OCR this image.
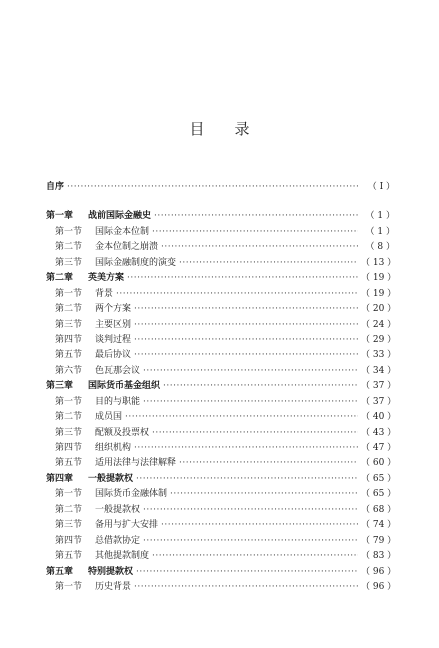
目 录
自序 ·····	（ Ⅰ ）
第一章	战前国际金融史 ·····	（ 1 ）
第一节	国际金本位制 ·····	（ 1 ）
第二节	金本位制之崩溃 ·····	（ 8 ）
第三节	国际金融制度的演变 ·····	（ 13 ）
第二章	英美方案 ·····	（ 19 ）
第一节	背景 ·····	（ 19 ）
第二节	两个方案 ·····	（ 20 ）
第三节	主要区别 ·····	（ 24 ）
第四节	谈判过程 ·····	（ 29 ）
第五节	最后协议 ·····	（ 33 ）
第六节	色瓦那会议 ·····	（ 34 ）
第三章	国际货币基金组织 ·····	（ 37 ）
第一节	目的与职能 ·····	（ 37 ）
第二节	成员国 ·····	（ 40 ）
第三节	配额及投票权 ·····	（ 43 ）
第四节	组织机构 ·····	（ 47 ）
第五节	适用法律与法律解释 ·····	（ 60 ）
第四章	一般提款权 ·····	（ 65 ）
第一节	国际货币金融体制 ·····	（ 65 ）
第二节	一般提款权 ·····	（ 68 ）
第三节	备用与扩大安排 ·····	（ 74 ）
第四节	总借款协定 ·····	（ 79 ）
第五节	其他提款制度 ·····	（ 83 ）
第五章	特别提款权 ·····	（ 96 ）
第一节	历史背景 ·····	（ 96 ）
